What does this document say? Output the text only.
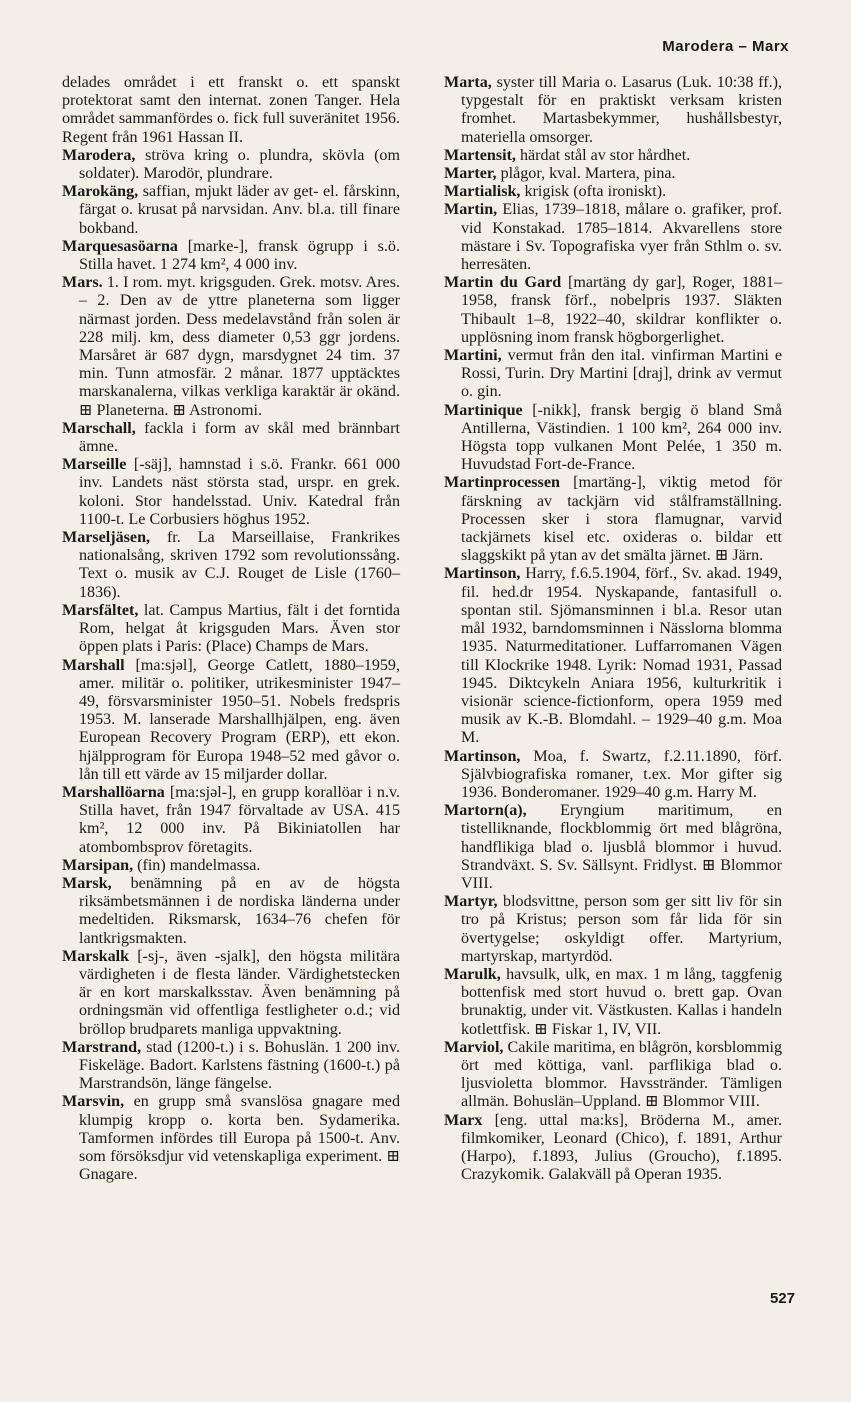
Marodera – Marx

delades området i ett franskt o. ett spanskt protektorat samt den internat. zonen Tanger. Hela området sammanfördes o. fick full suveränitet 1956. Regent från 1961 Hassan II.

Marodera, ströva kring o. plundra, skövla (om soldater). Marodör, plundrare.

Marokäng, saffian, mjukt läder av get- el. fårskinn, färgat o. krusat på narvsidan. Anv. bl.a. till finare bokband.

Marquesasöarna [marke-], fransk ögrupp i s.ö. Stilla havet. 1 274 km², 4 000 inv.

Mars. 1. I rom. myt. krigsguden. Grek. motsv. Ares. – 2. Den av de yttre planeterna som ligger närmast jorden. Dess medelavstånd från solen är 228 milj. km, dess diameter 0,53 ggr jordens. Marsåret är 687 dygn, marsdygnet 24 tim. 37 min. Tunn atmosfär. 2 månar. 1877 upptäcktes marskanalerna, vilkas verkliga karaktär är okänd. ⊞ Planeterna. ⊞ Astronomi.

Marschall, fackla i form av skål med brännbart ämne.

Marseille [-säj], hamnstad i s.ö. Frankr. 661 000 inv. Landets näst största stad, urspr. en grek. koloni. Stor handelsstad. Univ. Katedral från 1100-t. Le Corbusiers höghus 1952.

Marseljäsen, fr. La Marseillaise, Frankrikes nationalsång, skriven 1792 som revolutionssång. Text o. musik av C.J. Rouget de Lisle (1760–1836).

Marsfältet, lat. Campus Martius, fält i det forntida Rom, helgat åt krigsguden Mars. Även stor öppen plats i Paris: (Place) Champs de Mars.

Marshall [ma:sjəl], George Catlett, 1880–1959, amer. militär o. politiker, utrikesminister 1947–49, försvarsminister 1950–51. Nobels fredspris 1953. M. lanserade Marshallhjälpen, eng. även European Recovery Program (ERP), ett ekon. hjälpprogram för Europa 1948–52 med gåvor o. lån till ett värde av 15 miljarder dollar.

Marshallöarna [ma:sjəl-], en grupp korallöar i n.v. Stilla havet, från 1947 förvaltade av USA. 415 km², 12 000 inv. På Bikiniatollen har atombombsprov företagits.

Marsipan, (fin) mandelmassa.

Marsk, benämning på en av de högsta riksämbetsmännen i de nordiska länderna under medeltiden. Riksmarsk, 1634–76 chefen för lantkrigsmakten.

Marskalk [-sj-, även -sjalk], den högsta militära värdigheten i de flesta länder. Värdighetstecken är en kort marskalksstav. Även benämning på ordningsmän vid offentliga festligheter o.d.; vid bröllop brudparets manliga uppvaktning.

Marstrand, stad (1200-t.) i s. Bohuslän. 1 200 inv. Fiskeläge. Badort. Karlstens fästning (1600-t.) på Marstrandsön, länge fängelse.

Marsvin, en grupp små svanslösa gnagare med klumpig kropp o. korta ben. Sydamerika. Tamformen infördes till Europa på 1500-t. Anv. som försöksdjur vid vetenskapliga experiment. ⊞ Gnagare.

Marta, syster till Maria o. Lasarus (Luk. 10:38 ff.), typgestalt för en praktiskt verksam kristen fromhet. Martasbekymmer, hushållsbestyr, materiella omsorger.

Martensit, härdat stål av stor hårdhet.

Marter, plågor, kval. Martera, pina.

Martialisk, krigisk (ofta ironiskt).

Martin, Elias, 1739–1818, målare o. grafiker, prof. vid Konstakad. 1785–1814. Akvarellens store mästare i Sv. Topografiska vyer från Sthlm o. sv. herresäten.

Martin du Gard [martäng dy gar], Roger, 1881–1958, fransk förf., nobelpris 1937. Släkten Thibault 1–8, 1922–40, skildrar konflikter o. upplösning inom fransk högborgerlighet.

Martini, vermut från den ital. vinfirman Martini e Rossi, Turin. Dry Martini [draj], drink av vermut o. gin.

Martinique [-nikk], fransk bergig ö bland Små Antillerna, Västindien. 1 100 km², 264 000 inv. Högsta topp vulkanen Mont Pelée, 1 350 m. Huvudstad Fort-de-France.

Martinprocessen [martäng-], viktig metod för färskning av tackjärn vid stålframställning. Processen sker i stora flamugnar, varvid tackjärnets kisel etc. oxideras o. bildar ett slaggskikt på ytan av det smälta järnet. ⊞ Järn.

Martinson, Harry, f.6.5.1904, förf., Sv. akad. 1949, fil. hed.dr 1954. Nyskapande, fantasifull o. spontan stil. Sjömansminnen i bl.a. Resor utan mål 1932, barndomsminnen i Nässlorna blomma 1935. Naturmeditationer. Luffarromanen Vägen till Klockrike 1948. Lyrik: Nomad 1931, Passad 1945. Diktcykeln Aniara 1956, kulturkritik i visionär science-fictionform, opera 1959 med musik av K.-B. Blomdahl. – 1929–40 g.m. Moa M.

Martinson, Moa, f. Swartz, f.2.11.1890, förf. Självbiografiska romaner, t.ex. Mor gifter sig 1936. Bonderomaner. 1929–40 g.m. Harry M.

Martorn(a), Eryngium maritimum, en tistelliknande, flockblommig ört med blågröna, handflikiga blad o. ljusblå blommor i huvud. Strandväxt. S. Sv. Sällsynt. Fridlyst. ⊞ Blommor VIII.

Martyr, blodsvittne, person som ger sitt liv för sin tro på Kristus; person som får lida för sin övertygelse; oskyldigt offer. Martyrium, martyrskap, martyrdöd.

Marulk, havsulk, ulk, en max. 1 m lång, taggfenig bottenfisk med stort huvud o. brett gap. Ovan brunaktig, under vit. Västkusten. Kallas i handeln kotlettfisk. ⊞ Fiskar 1, IV, VII.

Marviol, Cakile maritima, en blågrön, korsblommig ört med köttiga, vanl. parflikiga blad o. ljusvioletta blommor. Havsstränder. Tämligen allmän. Bohuslän–Uppland. ⊞ Blommor VIII.

Marx [eng. uttal ma:ks], Bröderna M., amer. filmkomiker, Leonard (Chico), f. 1891, Arthur (Harpo), f.1893, Julius (Groucho), f.1895. Crazykomik. Galakväll på Operan 1935.

527
